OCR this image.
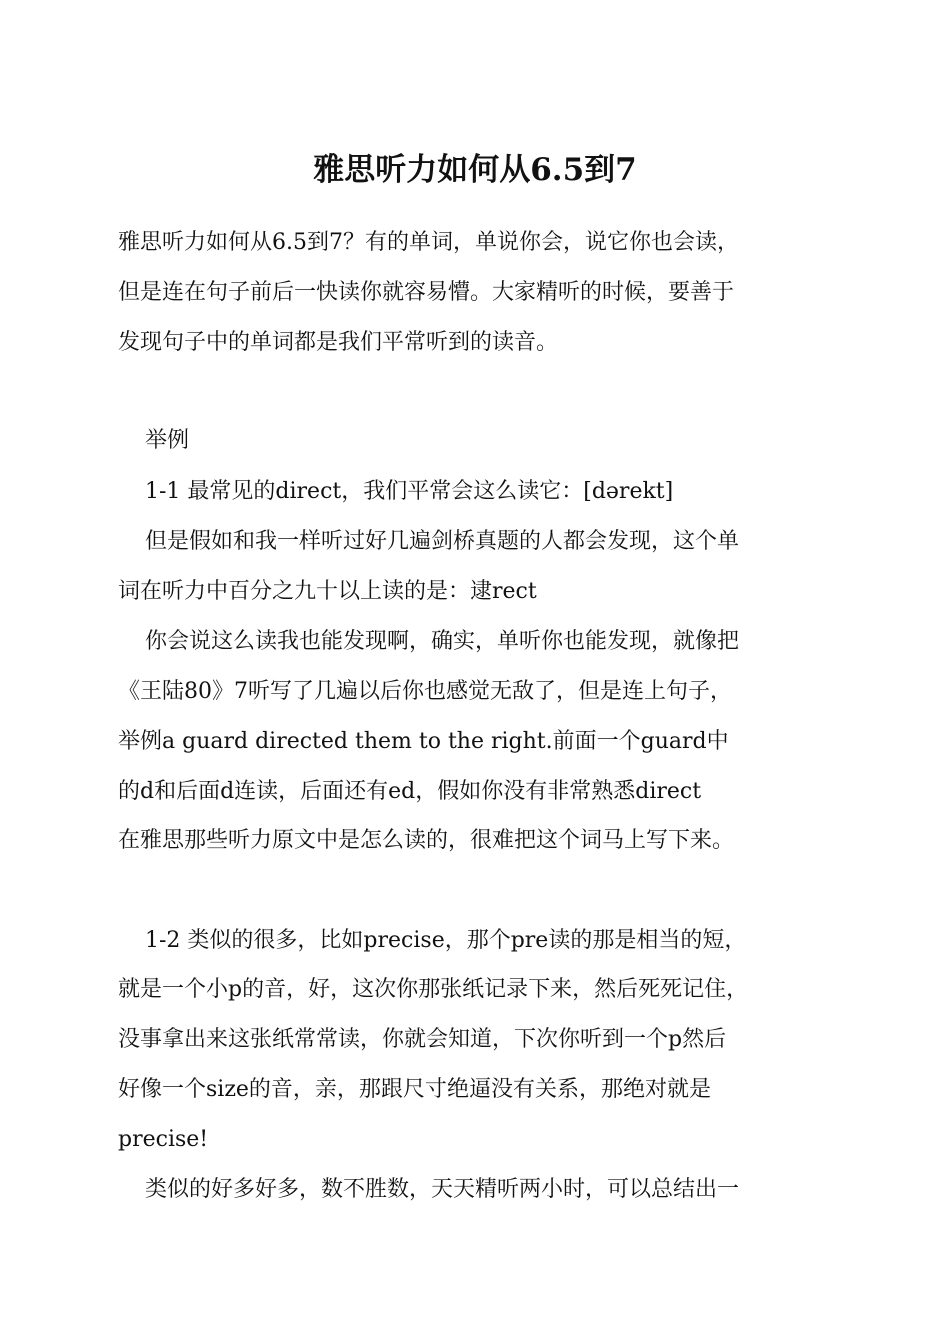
雅思听力如何从6.5到7

雅思听力如何从6.5到7？有的单词，单说你会，说它你也会读，

但是连在句子前后一快读你就容易懵。大家精听的时候，要善于

发现句子中的单词都是我们平常听到的读音。

举例

1-1 最常见的direct，我们平常会这么读它：[dərekt]

但是假如和我一样听过好几遍剑桥真题的人都会发现，这个单

词在听力中百分之九十以上读的是：逮rect

你会说这么读我也能发现啊，确实，单听你也能发现，就像把

《王陆80》7听写了几遍以后你也感觉无敌了，但是连上句子，

举例a guard directed them to the right.前面一个guard中

的d和后面d连读，后面还有ed，假如你没有非常熟悉direct

在雅思那些听力原文中是怎么读的，很难把这个词马上写下来。

1-2 类似的很多，比如precise，那个pre读的那是相当的短，

就是一个小p的音，好，这次你那张纸记录下来，然后死死记住，

没事拿出来这张纸常常读，你就会知道，下次你听到一个p然后

好像一个size的音，亲，那跟尺寸绝逼没有关系，那绝对就是

precise!

类似的好多好多，数不胜数，天天精听两小时，可以总结出一
